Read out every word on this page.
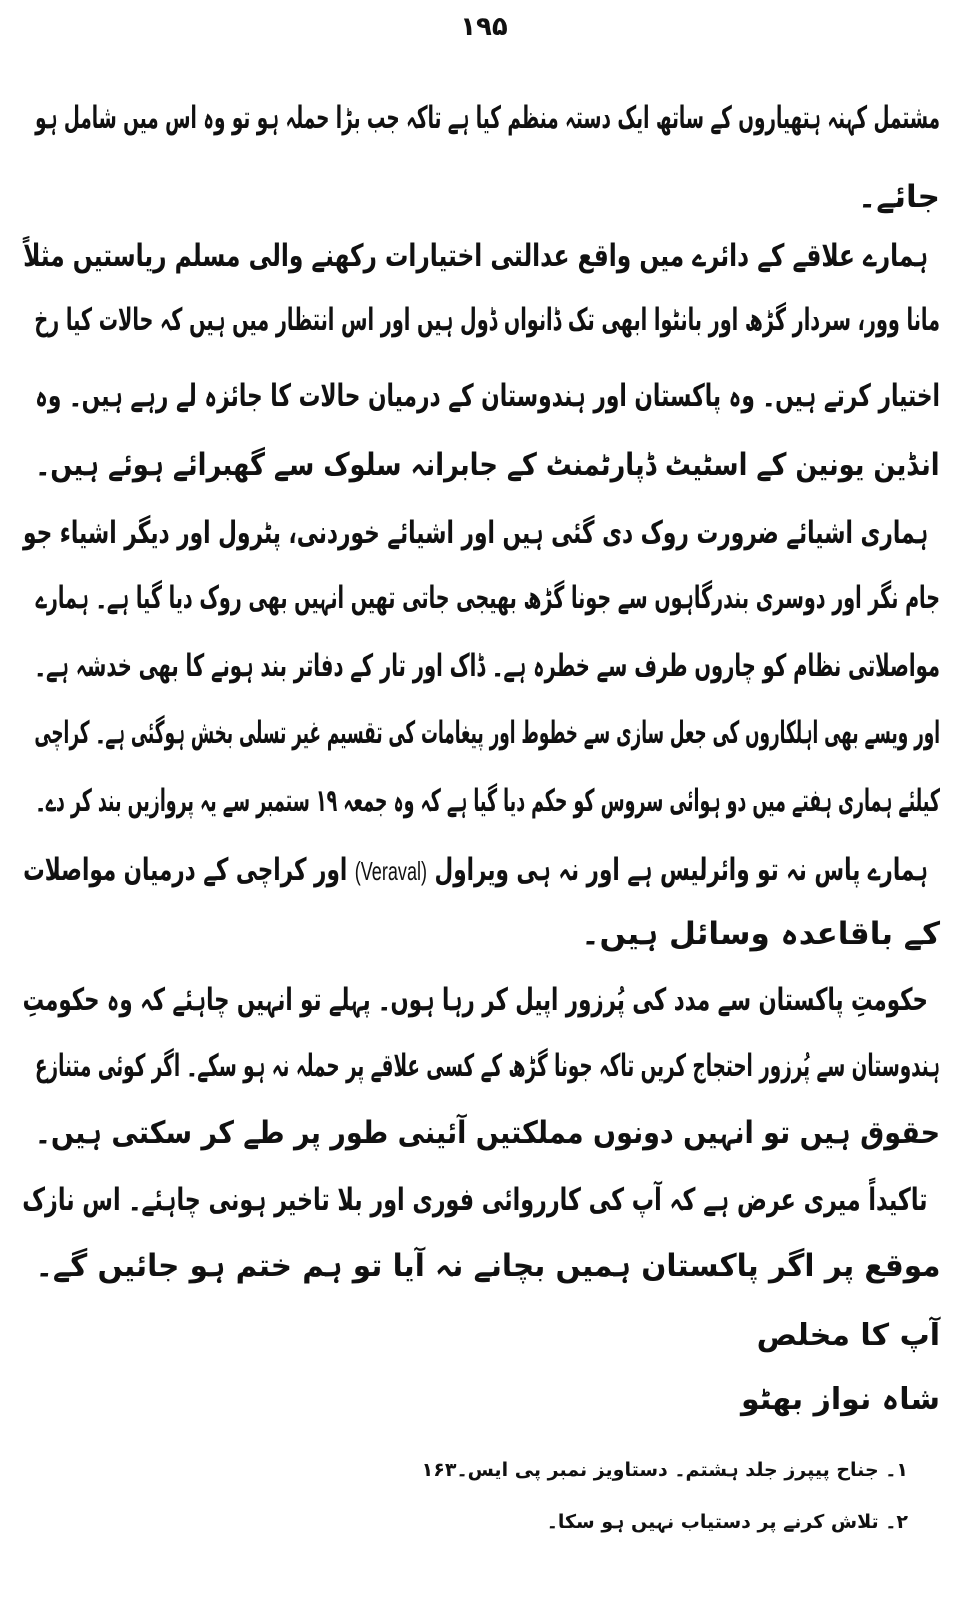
۱۹۵
مشتمل کہنہ ہتھیاروں کے ساتھ ایک دستہ منظم کیا ہے تاکہ جب بڑا حملہ ہو تو وہ اس میں شامل ہو
جائے۔
ہمارے علاقے کے دائرے میں واقع عدالتی اختیارات رکھنے والی مسلم ریاستیں مثلاً
مانا وور، سردار گڑھ اور بانٹوا ابھی تک ڈانواں ڈول ہیں اور اس انتظار میں ہیں کہ حالات کیا رخ
اختیار کرتے ہیں۔ وہ پاکستان اور ہندوستان کے درمیان حالات کا جائزہ لے رہے ہیں۔ وہ
انڈین یونین کے اسٹیٹ ڈپارٹمنٹ کے جابرانہ سلوک سے گھبرائے ہوئے ہیں۔
ہماری اشیائے ضرورت روک دی گئی ہیں اور اشیائے خوردنی، پٹرول اور دیگر اشیاء جو
جام نگر اور دوسری بندرگاہوں سے جونا گڑھ بھیجی جاتی تھیں انہیں بھی روک دیا گیا ہے۔ ہمارے
مواصلاتی نظام کو چاروں طرف سے خطرہ ہے۔ ڈاک اور تار کے دفاتر بند ہونے کا بھی خدشہ ہے۔
اور ویسے بھی اہلکاروں کی جعل سازی سے خطوط اور پیغامات کی تقسیم غیر تسلی بخش ہوگئی ہے۔ کراچی
کیلئے ہماری ہفتے میں دو ہوائی سروس کو حکم دیا گیا ہے کہ وہ جمعہ ۱۹ ستمبر سے یہ پروازیں بند کر دے۔
ہمارے پاس نہ تو وائرلیس ہے اور نہ ہی ویراول (Veraval) اور کراچی کے درمیان مواصلات
کے باقاعدہ وسائل ہیں۔
حکومتِ پاکستان سے مدد کی پُرزور اپیل کر رہا ہوں۔ پہلے تو انہیں چاہئے کہ وہ حکومتِ
ہندوستان سے پُرزور احتجاج کریں تاکہ جونا گڑھ کے کسی علاقے پر حملہ نہ ہو سکے۔ اگر کوئی متنازع
حقوق ہیں تو انہیں دونوں مملکتیں آئینی طور پر طے کر سکتی ہیں۔
تاکیداً میری عرض ہے کہ آپ کی کارروائی فوری اور بلا تاخیر ہونی چاہئے۔ اس نازک
موقع پر اگر پاکستان ہمیں بچانے نہ آیا تو ہم ختم ہو جائیں گے۔
آپ کا مخلص
شاہ نواز بھٹو
۱۔ جناح پیپرز جلد ہشتم۔ دستاویز نمبر پی ایس۔۱۶۳
۲۔ تلاش کرنے پر دستیاب نہیں ہو سکا۔
